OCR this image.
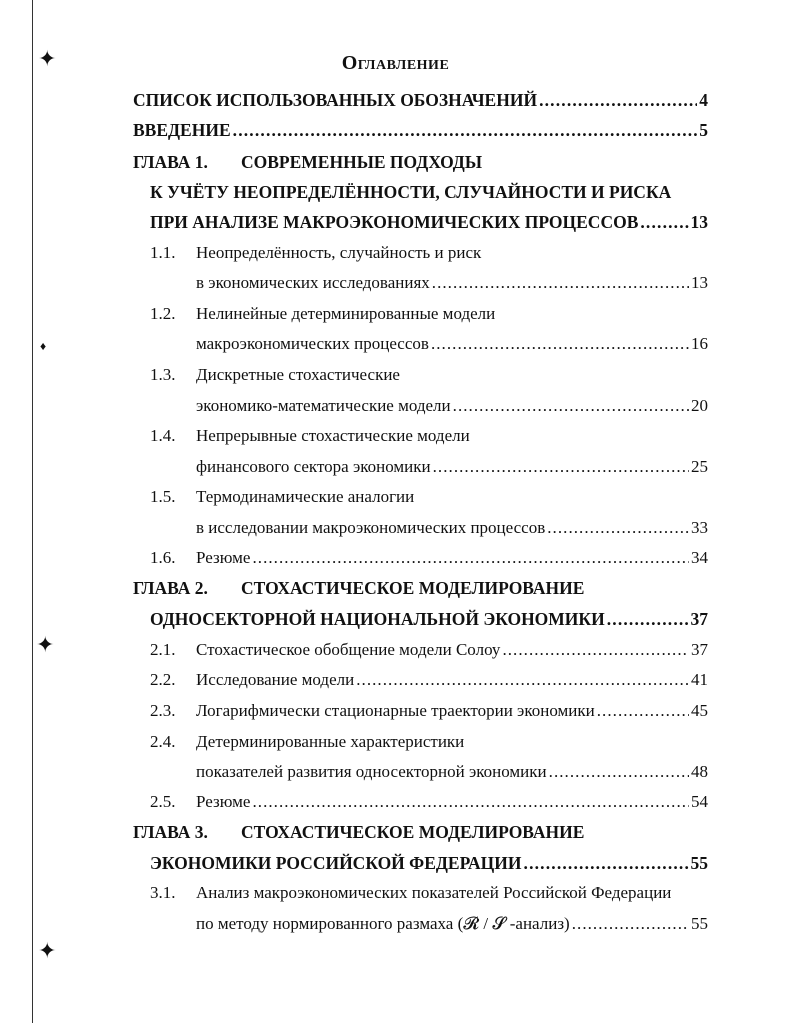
✦
♦
✦
✦
Оглавление
СПИСОК ИСПОЛЬЗОВАННЫХ ОБОЗНАЧЕНИЙ . . .	4
ВВЕДЕНИЕ . . .	5
ГЛАВА 1. СОВРЕМЕННЫЕ ПОДХОДЫ
К УЧЁТУ НЕОПРЕДЕЛЁННОСТИ, СЛУЧАЙНОСТИ И РИСКА
ПРИ АНАЛИЗЕ МАКРОЭКОНОМИЧЕСКИХ ПРОЦЕССОВ . . .	13
1.1. Неопределённость, случайность и риск
в экономических исследованиях . . .	13
1.2. Нелинейные детерминированные модели
макроэкономических процессов . . .	16
1.3. Дискретные стохастические
экономико-математические модели . . .	20
1.4. Непрерывные стохастические модели
финансового сектора экономики . . .	25
1.5. Термодинамические аналогии
в исследовании макроэкономических процессов . . .	33
1.6.	Резюме . . .	34
ГЛАВА 2. СТОХАСТИЧЕСКОЕ МОДЕЛИРОВАНИЕ
ОДНОСЕКТОРНОЙ НАЦИОНАЛЬНОЙ ЭКОНОМИКИ . . .	37
2.1.	Стохастическое обобщение модели Солоу . . .	37
2.2.	Исследование модели . . .	41
2.3.	Логарифмически стационарные траектории экономики . . .	45
2.4. Детерминированные характеристики
показателей развития односекторной экономики . . .	48
2.5.	Резюме . . .	54
ГЛАВА 3. СТОХАСТИЧЕСКОЕ МОДЕЛИРОВАНИЕ
ЭКОНОМИКИ РОССИЙСКОЙ ФЕДЕРАЦИИ . . .	55
3.1. Анализ макроэкономических показателей Российской Федерации
по методу нормированного размаха (𝓡 / 𝓢 -анализ) . . .	55
